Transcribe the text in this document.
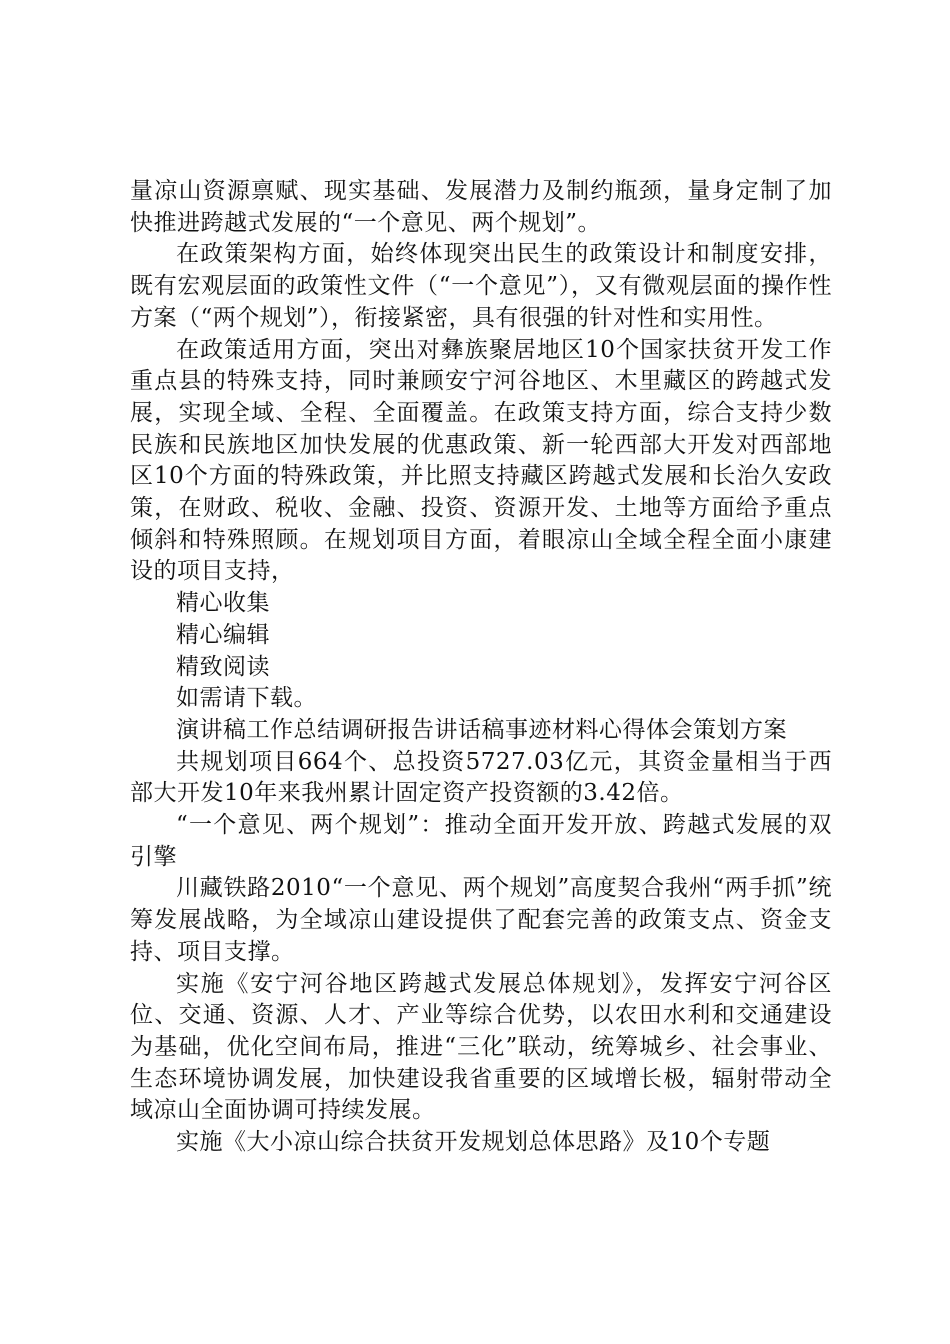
量凉山资源禀赋、现实基础、发展潜力及制约瓶颈，量身定制了加快推进跨越式发展的“一个意见、两个规划”。

在政策架构方面，始终体现突出民生的政策设计和制度安排，既有宏观层面的政策性文件（“一个意见”），又有微观层面的操作性方案（“两个规划”），衔接紧密，具有很强的针对性和实用性。

在政策适用方面，突出对彝族聚居地区10个国家扶贫开发工作重点县的特殊支持，同时兼顾安宁河谷地区、木里藏区的跨越式发展，实现全域、全程、全面覆盖。在政策支持方面，综合支持少数民族和民族地区加快发展的优惠政策、新一轮西部大开发对西部地区10个方面的特殊政策，并比照支持藏区跨越式发展和长治久安政策，在财政、税收、金融、投资、资源开发、土地等方面给予重点倾斜和特殊照顾。在规划项目方面，着眼凉山全域全程全面小康建设的项目支持，

精心收集

精心编辑

精致阅读

如需请下载。

演讲稿工作总结调研报告讲话稿事迹材料心得体会策划方案

共规划项目664个、总投资5727.03亿元，其资金量相当于西部大开发10年来我州累计固定资产投资额的3.42倍。

“一个意见、两个规划”：推动全面开发开放、跨越式发展的双引擎

川藏铁路2010“一个意见、两个规划”高度契合我州“两手抓”统筹发展战略，为全域凉山建设提供了配套完善的政策支点、资金支持、项目支撑。

实施《安宁河谷地区跨越式发展总体规划》，发挥安宁河谷区位、交通、资源、人才、产业等综合优势，以农田水利和交通建设为基础，优化空间布局，推进“三化”联动，统筹城乡、社会事业、生态环境协调发展，加快建设我省重要的区域增长极，辐射带动全域凉山全面协调可持续发展。

实施《大小凉山综合扶贫开发规划总体思路》及10个专题
